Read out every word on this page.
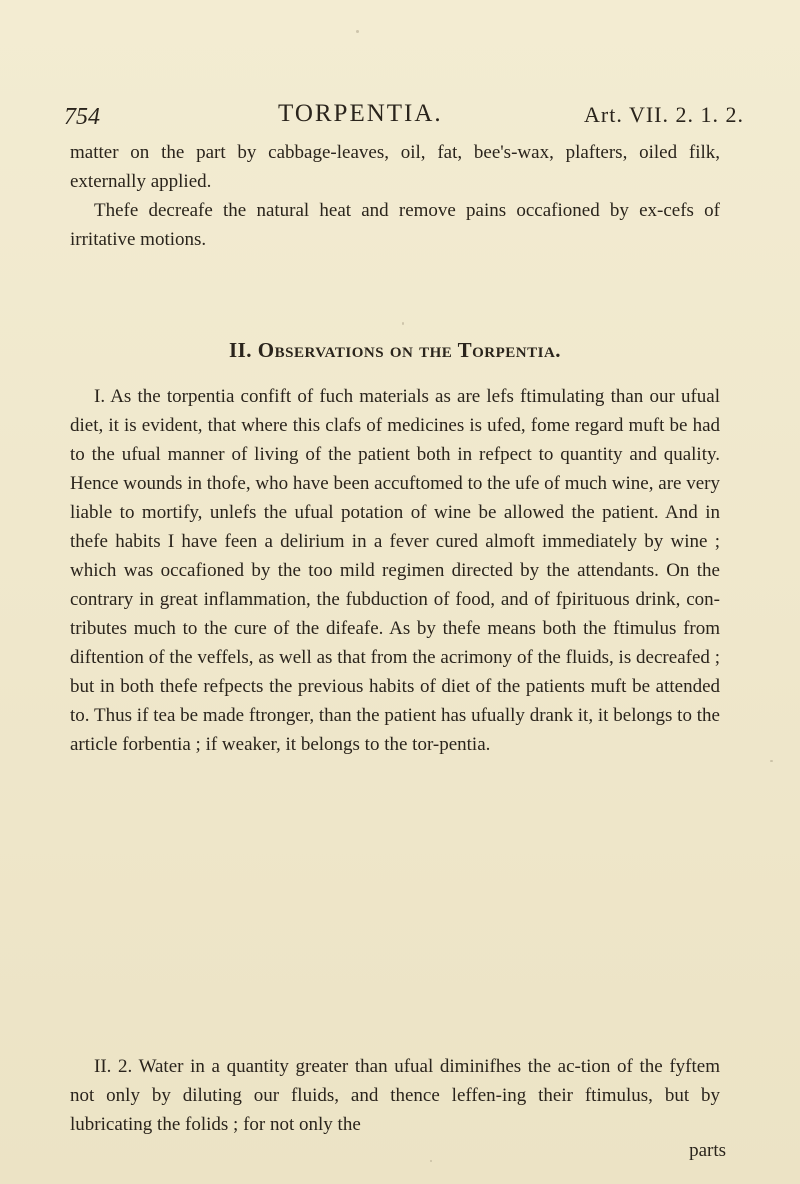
754	TORPENTIA.	Art. VII. 2. 1. 2.

matter on the part by cabbage-leaves, oil, fat, bee's-wax, plafters, oiled filk, externally applied.

Thefe decreafe the natural heat and remove pains occafioned by ex-cefs of irritative motions.

II. Observations on the Torpentia.

I. As the torpentia confift of fuch materials as are lefs ftimulating than our ufual diet, it is evident, that where this clafs of medicines is ufed, fome regard muft be had to the ufual manner of living of the patient both in refpect to quantity and quality. Hence wounds in thofe, who have been accuftomed to the ufe of much wine, are very liable to mortify, unlefs the ufual potation of wine be allowed the patient. And in thefe habits I have feen a delirium in a fever cured almoft immediately by wine ; which was occafioned by the too mild regimen directed by the attendants. On the contrary in great inflammation, the fubduction of food, and of fpirituous drink, con-tributes much to the cure of the difeafe. As by thefe means both the ftimulus from diftention of the veffels, as well as that from the acrimony of the fluids, is decreafed ; but in both thefe refpects the previous habits of diet of the patients muft be attended to. Thus if tea be made ftronger, than the patient has ufually drank it, it belongs to the article forbentia ; if weaker, it belongs to the tor-pentia.

II. 2. Water in a quantity greater than ufual diminifhes the ac-tion of the fyftem not only by diluting our fluids, and thence leffen-ing their ftimulus, but by lubricating the folids ; for not only the

parts
